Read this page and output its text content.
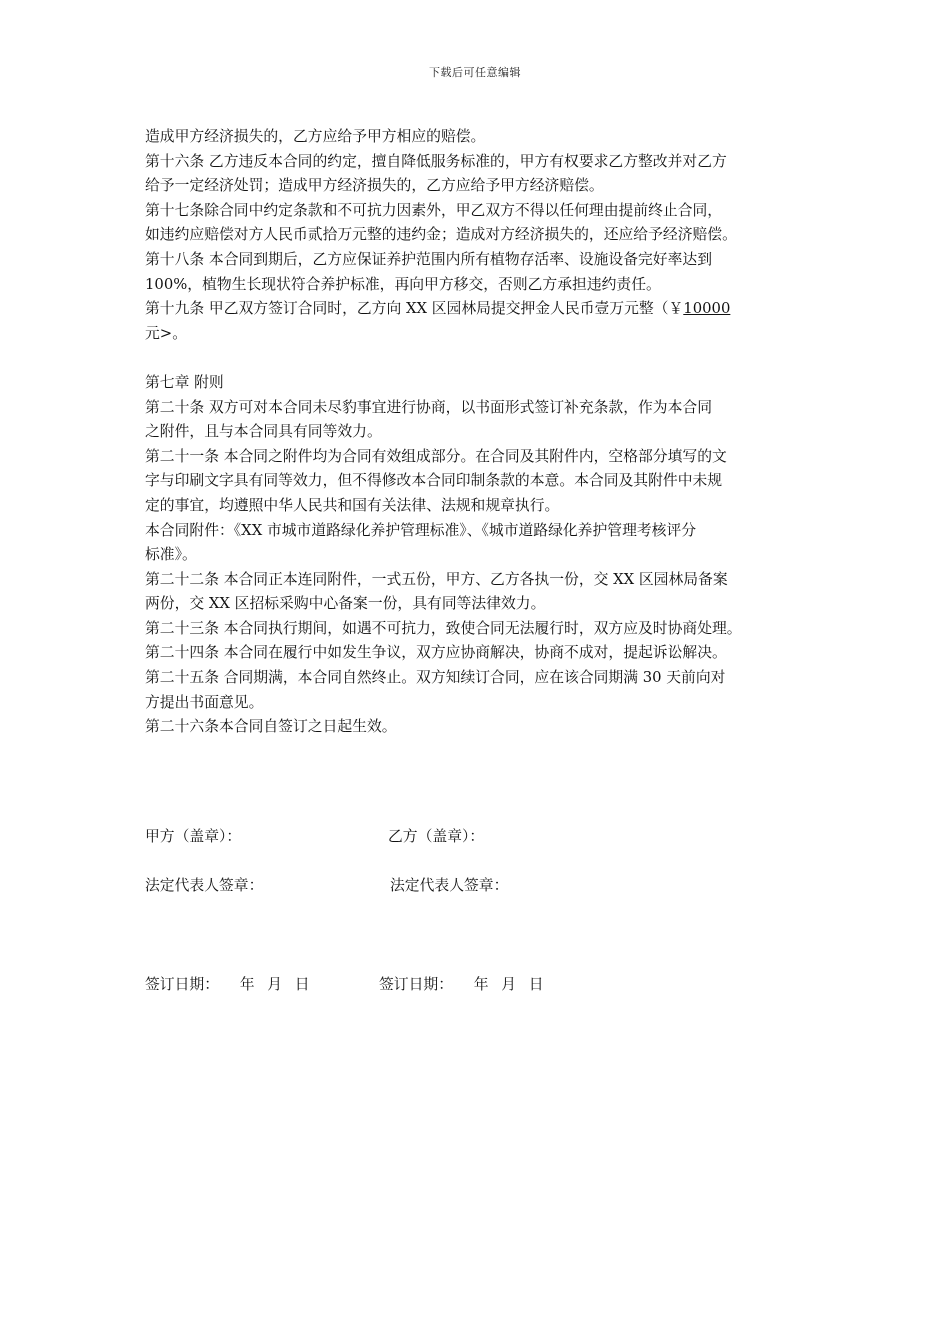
下载后可任意编辑
造成甲方经济损失的，乙方应给予甲方相应的赔偿。
第十六条 乙方违反本合同的约定，擅自降低服务标准的，甲方有权要求乙方整改并对乙方
给予一定经济处罚；造成甲方经济损失的，乙方应给予甲方经济赔偿。
第十七条除合同中约定条款和不可抗力因素外，甲乙双方不得以任何理由提前终止合同，
如违约应赔偿对方人民币贰拾万元整的违约金；造成对方经济损失的，还应给予经济赔偿。
第十八条 本合同到期后，乙方应保证养护范围内所有植物存活率、设施设备完好率达到
100%，植物生长现状符合养护标准，再向甲方移交，否则乙方承担违约责任。
第十九条 甲乙双方签订合同时，乙方向 XX 区园林局提交押金人民币壹万元整（￥10000
元>。
第七章 附则
第二十条 双方可对本合同未尽豹事宜进行协商，以书面形式签订补充条款，作为本合同
之附件，且与本合同具有同等效力。
第二十一条 本合同之附件均为合同有效组成部分。在合同及其附件内，空格部分填写的文
字与印刷文字具有同等效力，但不得修改本合同印制条款的本意。本合同及其附件中未规
定的事宜，均遵照中华人民共和国有关法律、法规和规章执行。
本合同附件：《XX 市城市道路绿化养护管理标准》、《城市道路绿化养护管理考核评分
标准》。
第二十二条 本合同正本连同附件，一式五份，甲方、乙方各执一份，交 XX 区园林局备案
两份，交 XX 区招标采购中心备案一份，具有同等法律效力。
第二十三条 本合同执行期间，如遇不可抗力，致使合同无法履行时，双方应及时协商处理。
第二十四条 本合同在履行中如发生争议，双方应协商解决，协商不成对，提起诉讼解决。
第二十五条 合同期满，本合同自然终止。双方知续订合同，应在该合同期满 30 天前向对
方提出书面意见。
第二十六条本合同自签订之日起生效。
甲方（盖章）：	乙方（盖章）：
法定代表人签章：	法定代表人签章：
签订日期： 年 月 日	签订日期： 年 月 日
